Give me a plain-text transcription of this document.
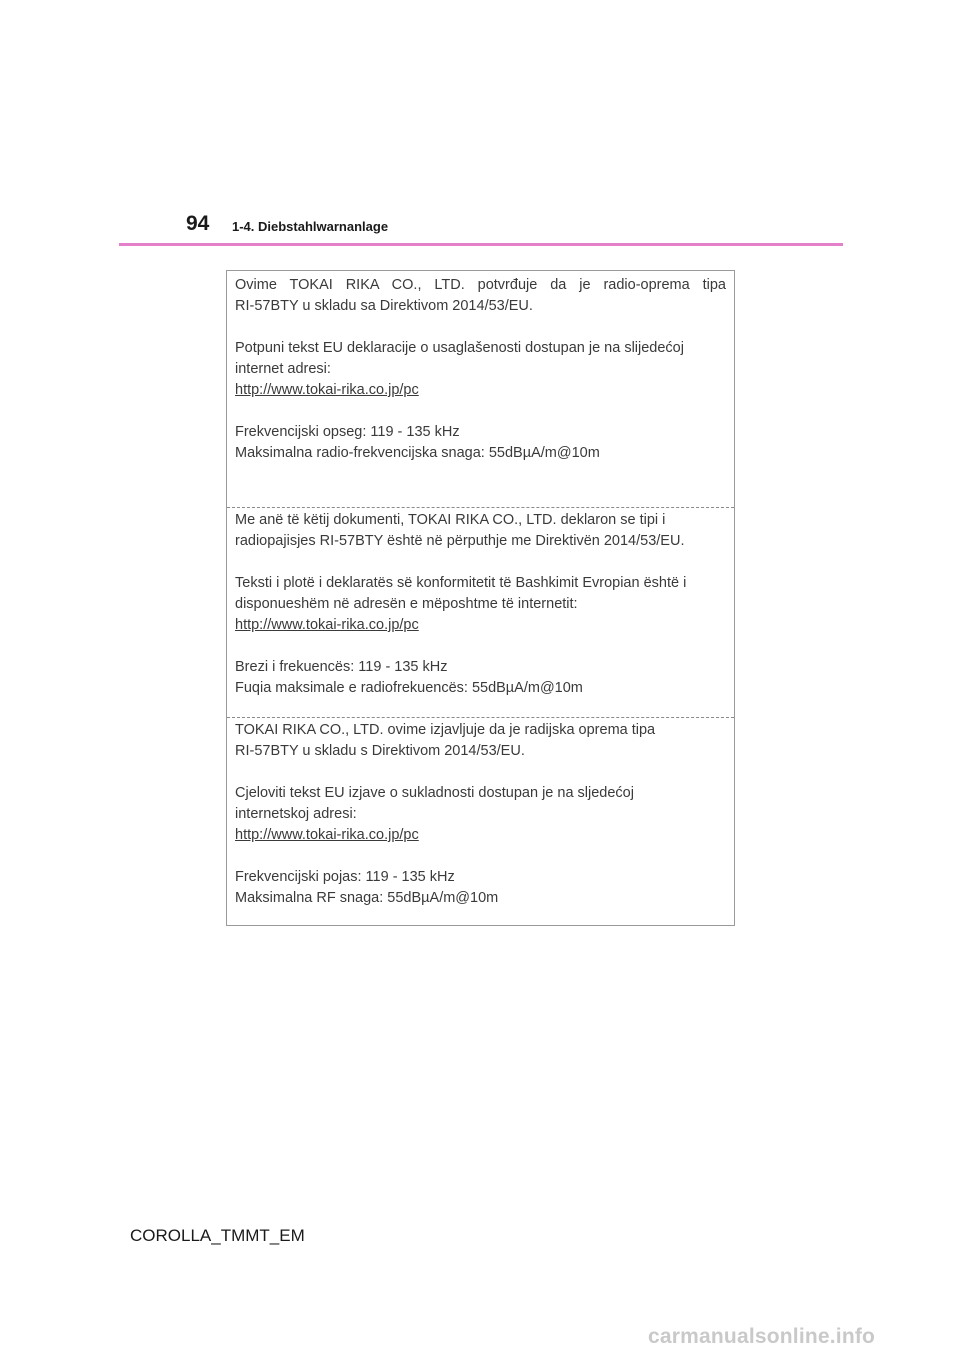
94 1-4. Diebstahlwarnanlage
Ovime TOKAI RIKA CO., LTD. potvrđuje da je radio-oprema tipa
RI-57BTY u skladu sa Direktivom 2014/53/EU.
Potpuni tekst EU deklaracije o usaglašenosti dostupan je na slijedećoj
internet adresi:
http://www.tokai-rika.co.jp/pc
Frekvencijski opseg: 119 - 135 kHz
Maksimalna radio-frekvencijska snaga: 55dBµA/m@10m
Me anë të këtij dokumenti, TOKAI RIKA CO., LTD. deklaron se tipi i
radiopajisjes RI-57BTY është në përputhje me Direktivën 2014/53/EU.
Teksti i plotë i deklaratës së konformitetit të Bashkimit Evropian është i
disponueshëm në adresën e mëposhtme të internetit:
http://www.tokai-rika.co.jp/pc
Brezi i frekuencës: 119 - 135 kHz
Fuqia maksimale e radiofrekuencës: 55dBµA/m@10m
TOKAI RIKA CO., LTD. ovime izjavljuje da je radijska oprema tipa
RI-57BTY u skladu s Direktivom 2014/53/EU.
Cjeloviti tekst EU izjave o sukladnosti dostupan je na sljedećoj
internetskoj adresi:
http://www.tokai-rika.co.jp/pc
Frekvencijski pojas: 119 - 135 kHz
Maksimalna RF snaga: 55dBµA/m@10m
COROLLA_TMMT_EM
carmanualsonline.info
